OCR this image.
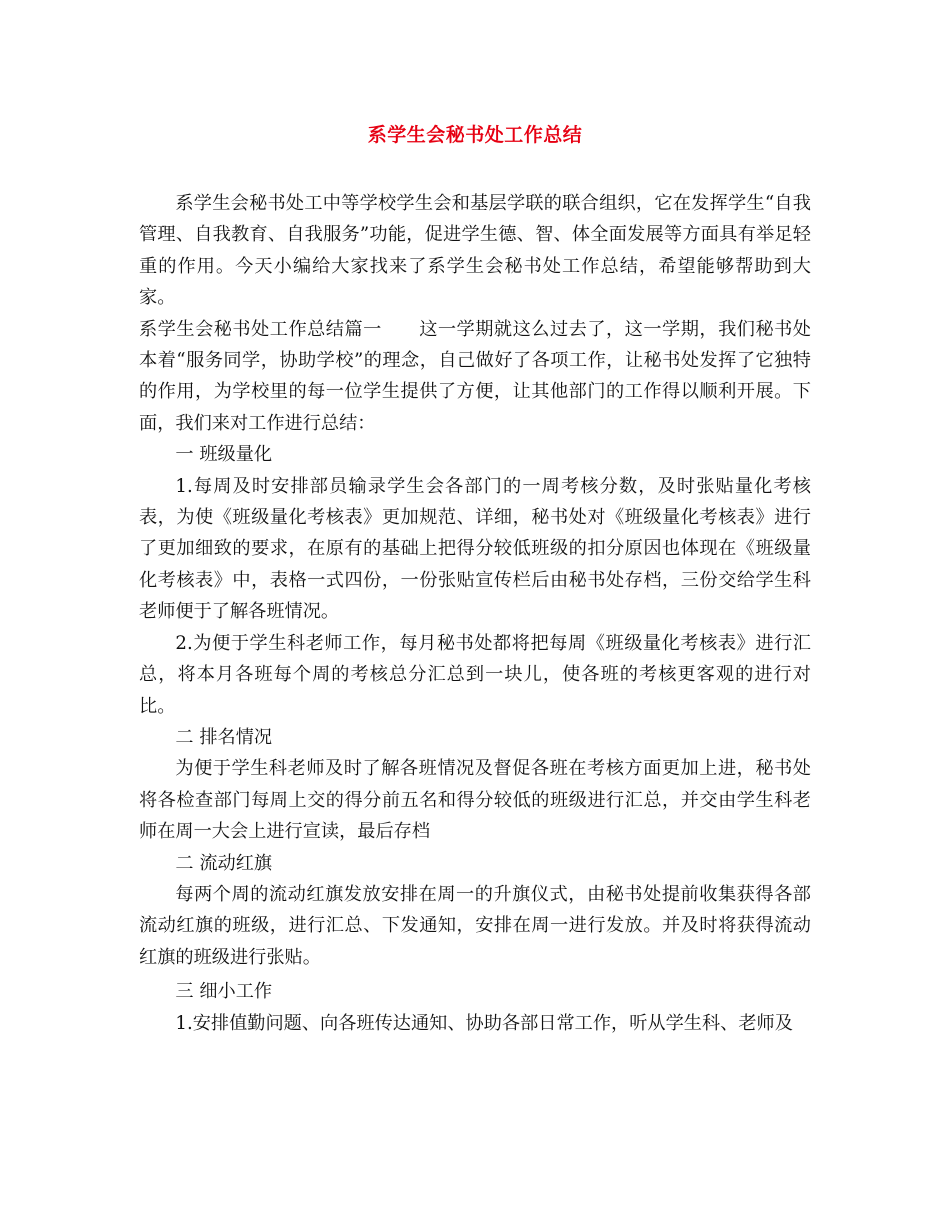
系学生会秘书处工作总结

系学生会秘书处工中等学校学生会和基层学联的联合组织，它在发挥学生“自我管理、自我教育、自我服务”功能，促进学生德、智、体全面发展等方面具有举足轻重的作用。今天小编给大家找来了系学生会秘书处工作总结，希望能够帮助到大家。

系学生会秘书处工作总结篇一　　这一学期就这么过去了，这一学期，我们秘书处本着“服务同学，协助学校”的理念，自己做好了各项工作，让秘书处发挥了它独特的作用，为学校里的每一位学生提供了方便，让其他部门的工作得以顺利开展。下面，我们来对工作进行总结：

一 班级量化

1.每周及时安排部员输录学生会各部门的一周考核分数，及时张贴量化考核表，为使《班级量化考核表》更加规范、详细，秘书处对《班级量化考核表》进行了更加细致的要求，在原有的基础上把得分较低班级的扣分原因也体现在《班级量化考核表》中，表格一式四份，一份张贴宣传栏后由秘书处存档，三份交给学生科老师便于了解各班情况。

2.为便于学生科老师工作，每月秘书处都将把每周《班级量化考核表》进行汇总，将本月各班每个周的考核总分汇总到一块儿，使各班的考核更客观的进行对比。

二 排名情况

为便于学生科老师及时了解各班情况及督促各班在考核方面更加上进，秘书处将各检查部门每周上交的得分前五名和得分较低的班级进行汇总，并交由学生科老师在周一大会上进行宣读，最后存档

二 流动红旗

每两个周的流动红旗发放安排在周一的升旗仪式，由秘书处提前收集获得各部流动红旗的班级，进行汇总、下发通知，安排在周一进行发放。并及时将获得流动红旗的班级进行张贴。

三 细小工作

1.安排值勤问题、向各班传达通知、协助各部日常工作，听从学生科、老师及
